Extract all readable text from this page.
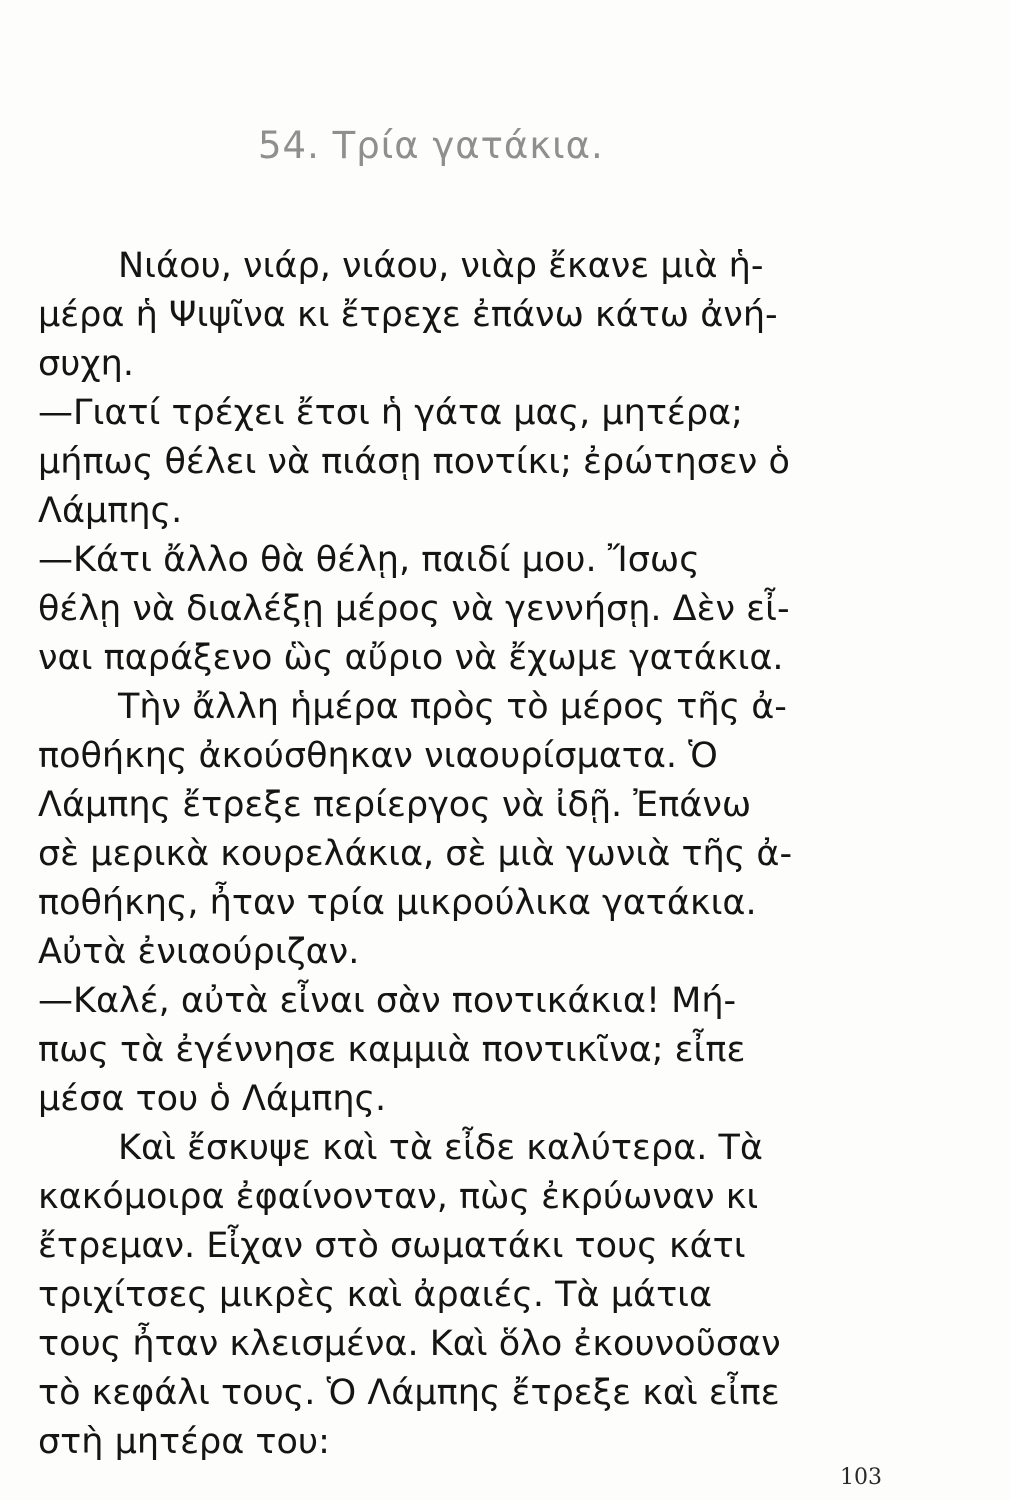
54. Τρία γατάκια.
Νιάου, νιάρ, νιάου, νιὰρ ἔκανε μιὰ ἡ-
μέρα ἡ Ψιψῖνα κι ἔτρεχε ἐπάνω κάτω ἀνή-
συχη.
—Γιατί τρέχει ἔτσι ἡ γάτα μας, μητέρα;
μήπως θέλει νὰ πιάσῃ ποντίκι; ἐρώτησεν ὁ
Λάμπης.
—Κάτι ἄλλο θὰ θέλῃ, παιδί μου. Ἴσως
θέλῃ νὰ διαλέξῃ μέρος νὰ γεννήσῃ. Δὲν εἶ-
ναι παράξενο ὣς αὔριο νὰ ἔχωμε γατάκια.
Τὴν ἄλλη ἡμέρα πρὸς τὸ μέρος τῆς ἀ-
ποθήκης ἀκούσθηκαν νιαουρίσματα. Ὁ
Λάμπης ἔτρεξε περίεργος νὰ ἰδῇ. Ἐπάνω
σὲ μερικὰ κουρελάκια, σὲ μιὰ γωνιὰ τῆς ἀ-
ποθήκης, ἦταν τρία μικρούλικα γατάκια.
Αὐτὰ ἐνιαούριζαν.
—Καλέ, αὐτὰ εἶναι σὰν ποντικάκια! Μή-
πως τὰ ἐγέννησε καμμιὰ ποντικῖνα; εἶπε
μέσα του ὁ Λάμπης.
Καὶ ἔσκυψε καὶ τὰ εἶδε καλύτερα. Τὰ
κακόμοιρα ἐφαίνονταν, πὼς ἐκρύωναν κι
ἔτρεμαν. Εἶχαν στὸ σωματάκι τους κάτι
τριχίτσες μικρὲς καὶ ἀραιές. Τὰ μάτια
τους ἦταν κλεισμένα. Καὶ ὅλο ἐκουνοῦσαν
τὸ κεφάλι τους. Ὁ Λάμπης ἔτρεξε καὶ εἶπε
στὴ μητέρα του:
103
